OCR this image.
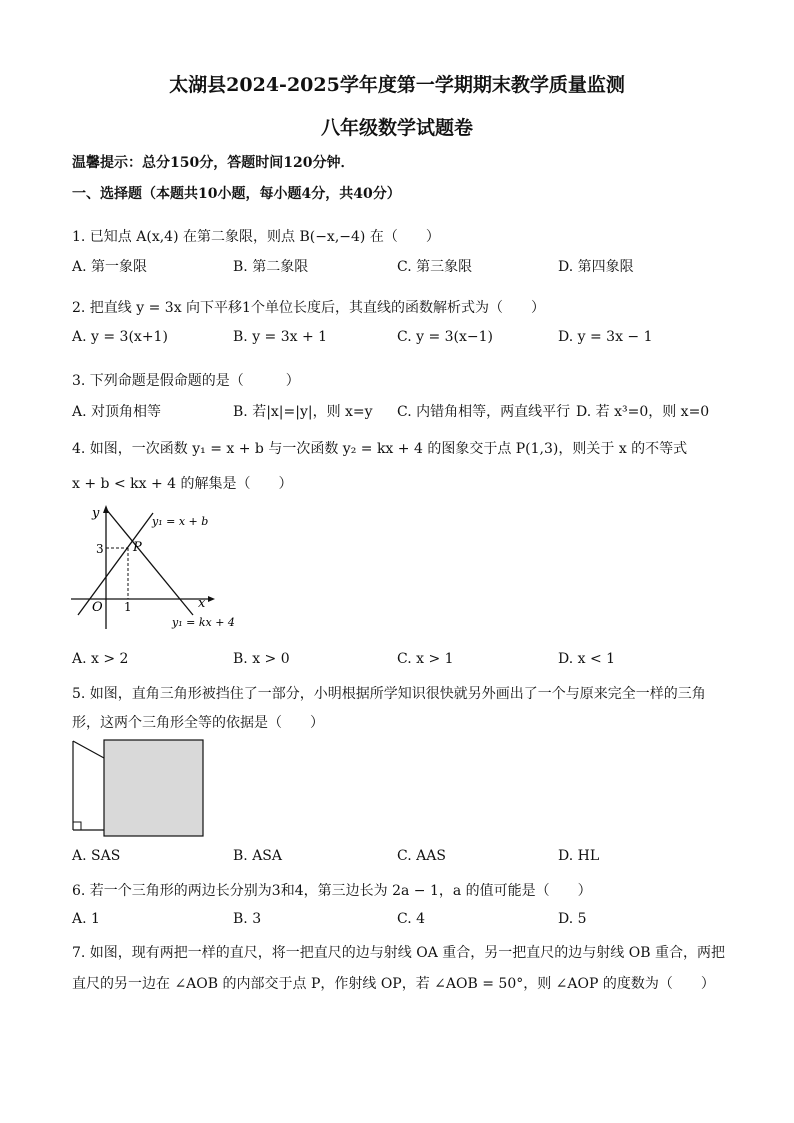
太湖县2024-2025学年度第一学期期末教学质量监测
八年级数学试题卷
温馨提示：总分150分，答题时间120分钟．
一、选择题（本题共10小题，每小题4分，共40分）
1. 已知点 A(x,4) 在第二象限，则点 B(−x,−4) 在（　　）
A. 第一象限	B. 第二象限	C. 第三象限	D. 第四象限
2. 把直线 y = 3x 向下平移1个单位长度后，其直线的函数解析式为（　　）
A. y = 3(x+1)	B. y = 3x + 1	C. y = 3(x−1)	D. y = 3x − 1
3. 下列命题是假命题的是（　　　）
A. 对顶角相等	B. 若|x|=|y|，则 x=y C. 内错角相等，两直线平行 D. 若 x³=0，则 x=0
4. 如图，一次函数 y₁ = x + b 与一次函数 y₂ = kx + 4 的图象交于点 P(1,3)，则关于 x 的不等式
x + b < kx + 4 的解集是（　　）
y
x
O 1
3 P
y₁ = x + b
y₁ = kx + 4
A. x > 2	B. x > 0	C. x > 1	D. x < 1
5. 如图，直角三角形被挡住了一部分，小明根据所学知识很快就另外画出了一个与原来完全一样的三角
形，这两个三角形全等的依据是（　　）
A. SAS	B. ASA	C. AAS	D. HL
6. 若一个三角形的两边长分别为3和4，第三边长为 2a − 1，a 的值可能是（　　）
A. 1	B. 3	C. 4	D. 5
7. 如图，现有两把一样的直尺，将一把直尺的边与射线 OA 重合，另一把直尺的边与射线 OB 重合，两把
直尺的另一边在 ∠AOB 的内部交于点 P，作射线 OP，若 ∠AOB = 50°，则 ∠AOP 的度数为（　　）
